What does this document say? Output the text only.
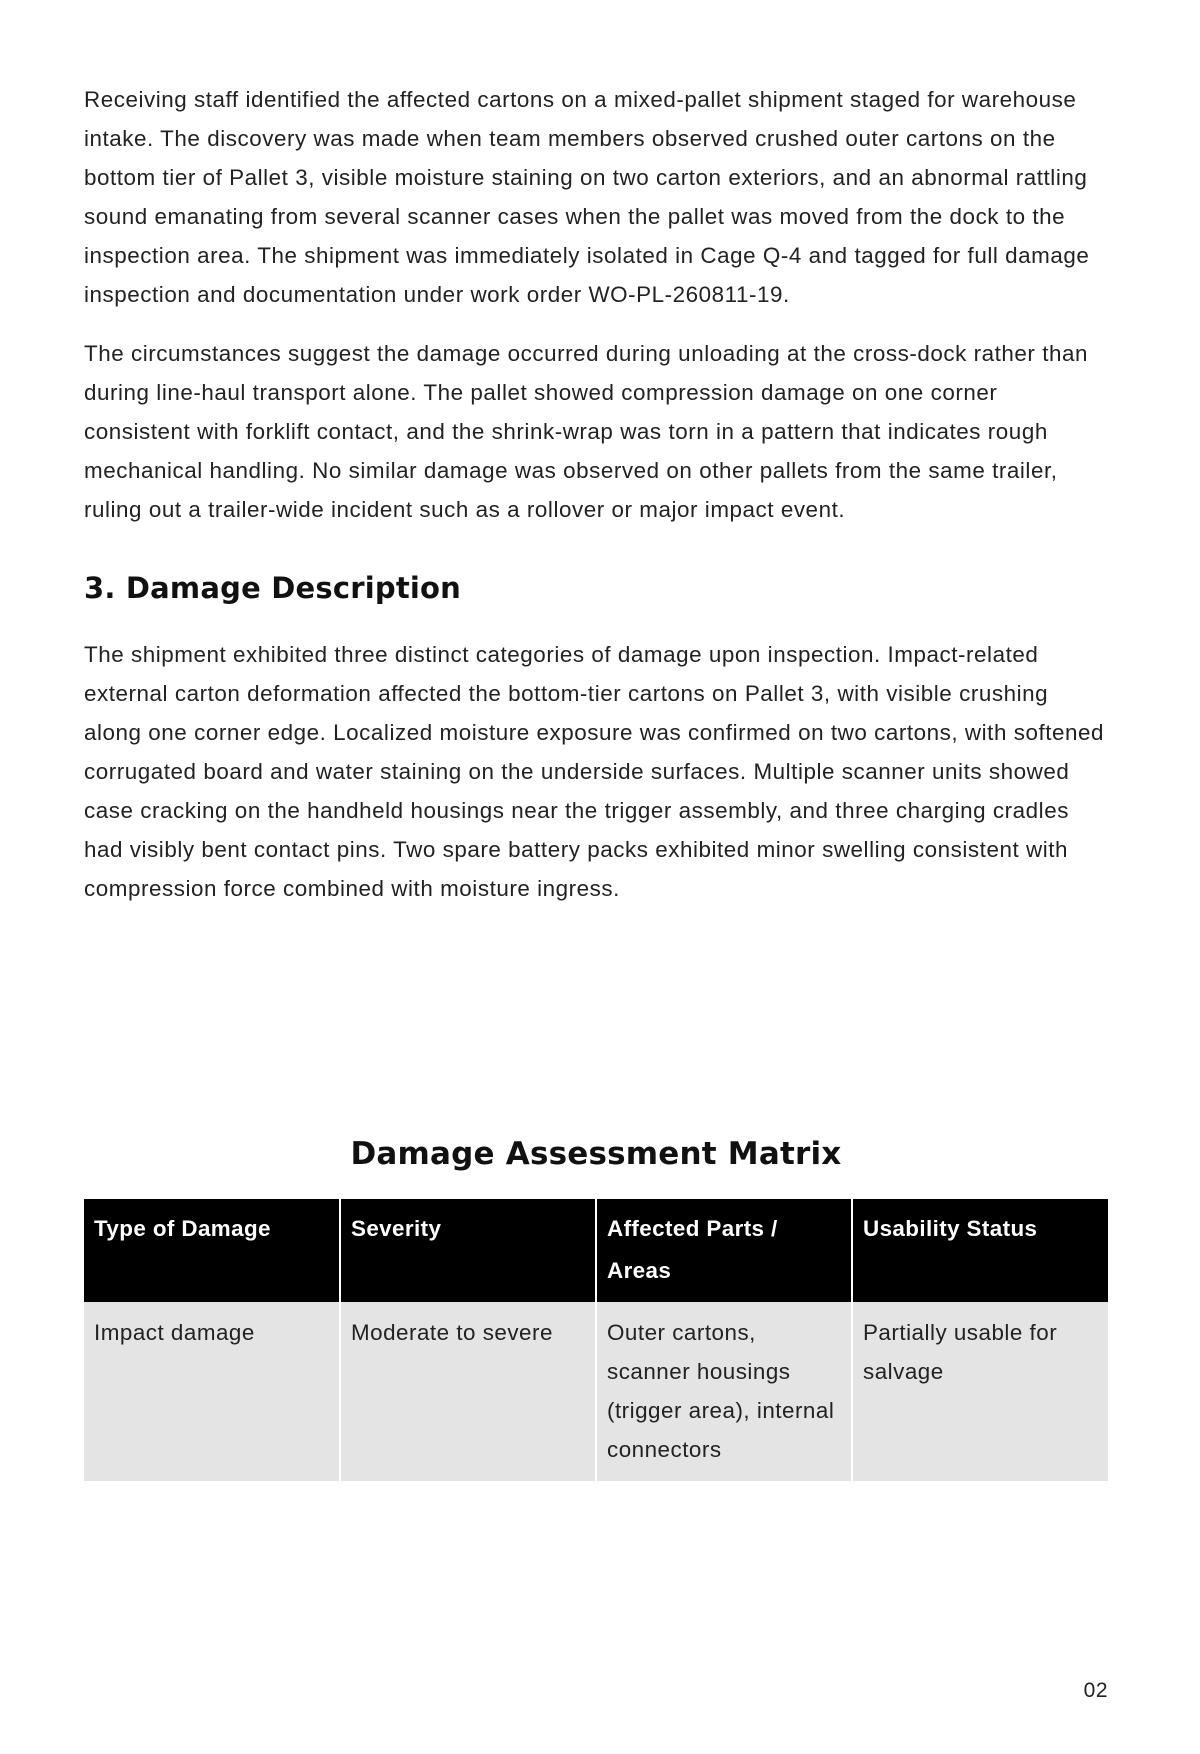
Receiving staff identified the affected cartons on a mixed-pallet shipment staged for warehouse intake. The discovery was made when team members observed crushed outer cartons on the bottom tier of Pallet 3, visible moisture staining on two carton exteriors, and an abnormal rattling sound emanating from several scanner cases when the pallet was moved from the dock to the inspection area. The shipment was immediately isolated in Cage Q-4 and tagged for full damage inspection and documentation under work order WO-PL-260811-19.

The circumstances suggest the damage occurred during unloading at the cross-dock rather than during line-haul transport alone. The pallet showed compression damage on one corner consistent with forklift contact, and the shrink-wrap was torn in a pattern that indicates rough mechanical handling. No similar damage was observed on other pallets from the same trailer, ruling out a trailer-wide incident such as a rollover or major impact event.

3. Damage Description

The shipment exhibited three distinct categories of damage upon inspection. Impact-related external carton deformation affected the bottom-tier cartons on Pallet 3, with visible crushing along one corner edge. Localized moisture exposure was confirmed on two cartons, with softened corrugated board and water staining on the underside surfaces. Multiple scanner units showed case cracking on the handheld housings near the trigger assembly, and three charging cradles had visibly bent contact pins. Two spare battery packs exhibited minor swelling consistent with compression force combined with moisture ingress.

Damage Assessment Matrix
Type of Damage	Severity	Affected Parts / Areas	Usability Status
Impact damage	Moderate to severe	Outer cartons, scanner housings (trigger area), internal connectors	Partially usable for salvage
02
